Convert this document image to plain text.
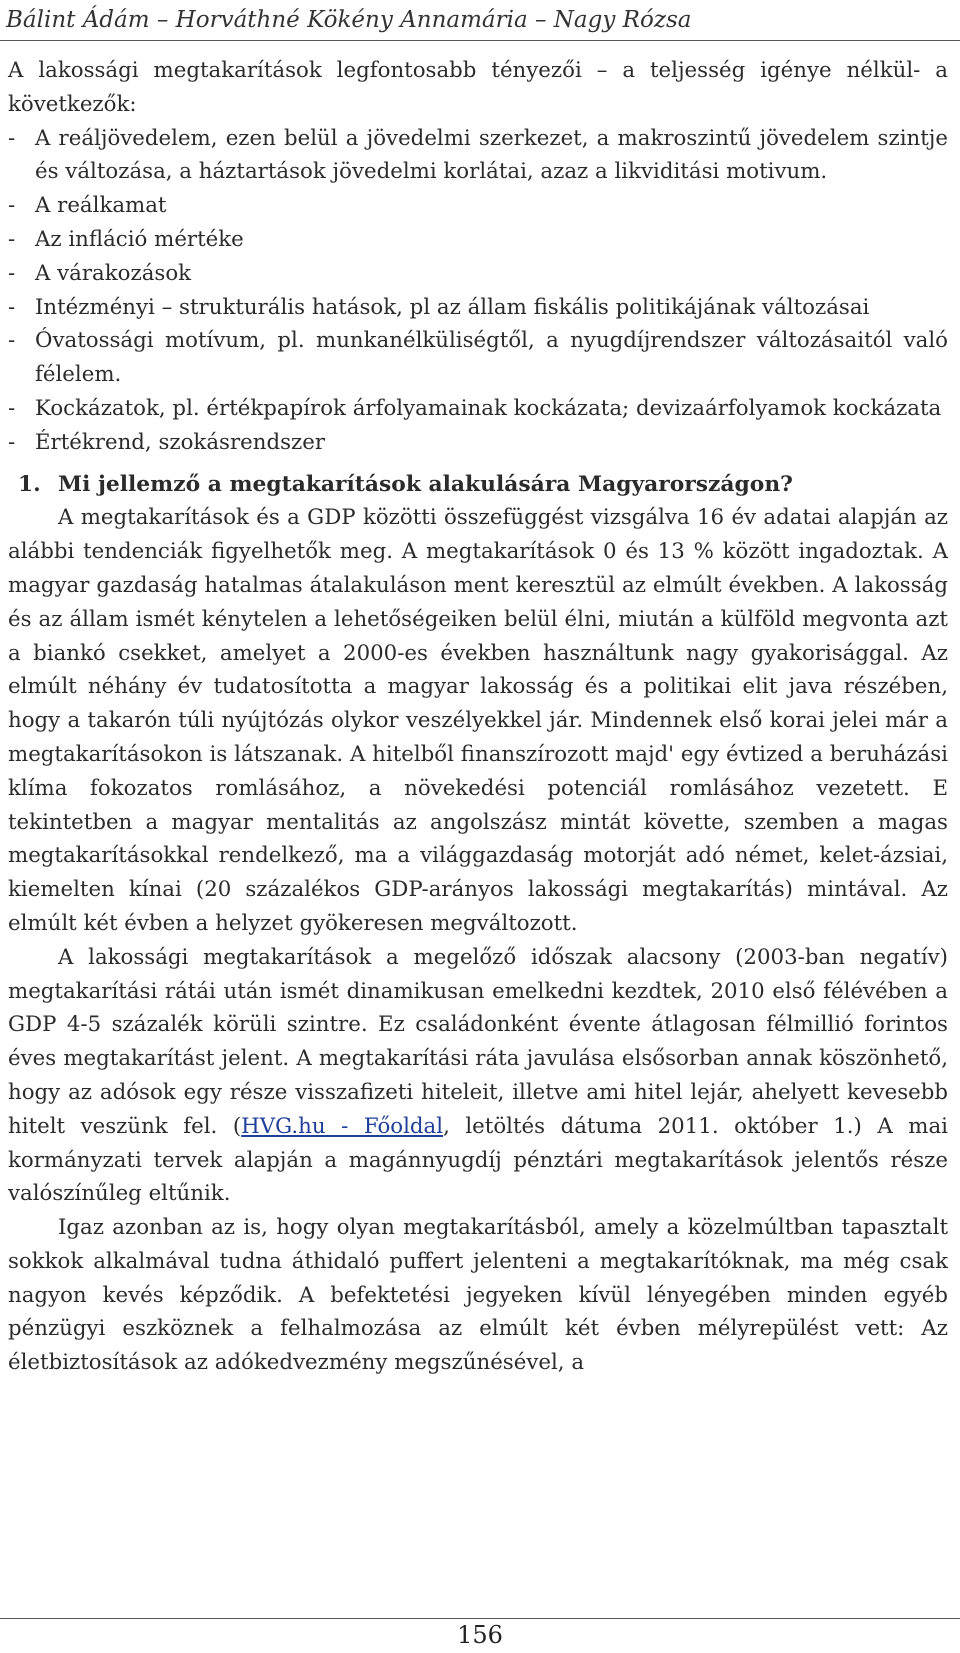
Bálint Ádám – Horváthné Kökény Annamária – Nagy Rózsa
A lakossági megtakarítások legfontosabb tényezői – a teljesség igénye nélkül- a következők:
- A reáljövedelem, ezen belül a jövedelmi szerkezet, a makroszintű jövedelem szintje és változása, a háztartások jövedelmi korlátai, azaz a likviditási motivum.
- A reálkamat
- Az infláció mértéke
- A várakozások
- Intézményi – strukturális hatások, pl az állam fiskális politikájának változásai
- Óvatossági motívum, pl. munkanélküliségtől, a nyugdíjrendszer változásaitól való félelem.
- Kockázatok, pl. értékpapírok árfolyamainak kockázata; devizaárfolyamok kockázata
- Értékrend, szokásrendszer
1. Mi jellemző a megtakarítások alakulására Magyarországon?
A megtakarítások és a GDP közötti összefüggést vizsgálva 16 év adatai alapján az alábbi tendenciák figyelhetők meg. A megtakarítások 0 és 13 % között ingadoztak. A magyar gazdaság hatalmas átalakuláson ment keresztül az elmúlt években. A lakosság és az állam ismét kénytelen a lehetőségeiken belül élni, miután a külföld megvonta azt a biankó csekket, amelyet a 2000-es években használtunk nagy gyakorisággal. Az elmúlt néhány év tudatosította a magyar lakosság és a politikai elit java részében, hogy a takarón túli nyújtózás olykor veszélyekkel jár. Mindennek első korai jelei már a megtakarításokon is látszanak. A hitelből finanszírozott majd' egy évtized a beruházási klíma fokozatos romlásához, a növekedési potenciál romlásához vezetett. E tekintetben a magyar mentalitás az angolszász mintát követte, szemben a magas megtakarításokkal rendelkező, ma a világgazdaság motorját adó német, kelet-ázsiai, kiemelten kínai (20 százalékos GDP-arányos lakossági megtakarítás) mintával. Az elmúlt két évben a helyzet gyökeresen megváltozott.
A lakossági megtakarítások a megelőző időszak alacsony (2003-ban negatív) megtakarítási rátái után ismét dinamikusan emelkedni kezdtek, 2010 első félévében a GDP 4-5 százalék körüli szintre. Ez családonként évente átlagosan félmillió forintos éves megtakarítást jelent. A megtakarítási ráta javulása elsősorban annak köszönhető, hogy az adósok egy része visszafizeti hiteleit, illetve ami hitel lejár, ahelyett kevesebb hitelt veszünk fel. (HVG.hu - Főoldal, letöltés dátuma 2011. október 1.) A mai kormányzati tervek alapján a magánnyugdíj pénztári megtakarítások jelentős része valószínűleg eltűnik.
Igaz azonban az is, hogy olyan megtakarításból, amely a közelmúltban tapasztalt sokkok alkalmával tudna áthidaló puffert jelenteni a megtakarítóknak, ma még csak nagyon kevés képződik. A befektetési jegyeken kívül lényegében minden egyéb pénzügyi eszköznek a felhalmozása az elmúlt két évben mélyrepülést vett: Az életbiztosítások az adókedvezmény megszűnésével, a
156
